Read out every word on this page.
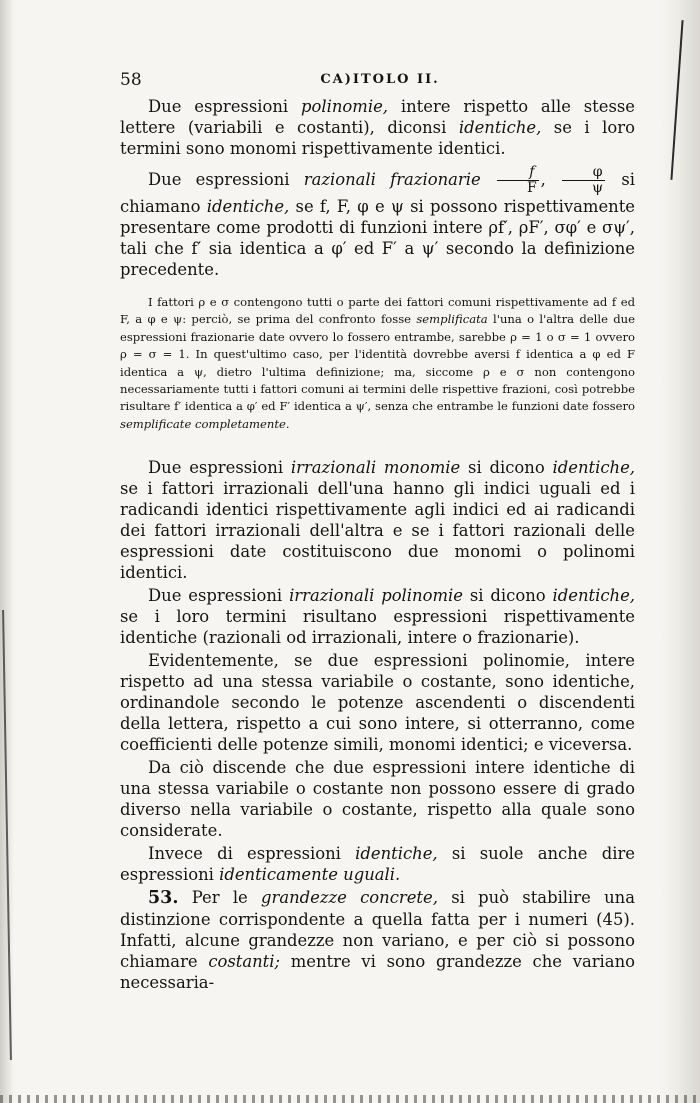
58	CA)ITOLO II.

Due espressioni polinomie, intere rispetto alle stesse lettere (variabili e costanti), diconsi identiche, se i loro termini sono monomi rispettivamente identici.

Due espressioni razionali frazionarie $\frac{f}{F}$ , $\frac{\varphi}{\psi}$ si chiamano identiche, se f, F, φ e ψ si possono rispettivamente presentare come prodotti di funzioni intere ρf′, ρF′, σφ′ e σψ′, tali che f′ sia identica a φ′ ed F′ a ψ′ secondo la definizione precedente.

I fattori ρ e σ contengono tutti o parte dei fattori comuni rispettivamente ad f ed F, a φ e ψ: perciò, se prima del confronto fosse semplificata l'una o l'altra delle due espressioni frazionarie date ovvero lo fossero entrambe, sarebbe ρ = 1 o σ = 1 ovvero ρ = σ = 1. In quest'ultimo caso, per l'identità dovrebbe aversi f identica a φ ed F identica a ψ, dietro l'ultima definizione; ma, siccome ρ e σ non contengono necessariamente tutti i fattori comuni ai termini delle rispettive frazioni, così potrebbe risultare f′ identica a φ′ ed F′ identica a ψ′, senza che entrambe le funzioni date fossero semplificate completamente.

Due espressioni irrazionali monomie si dicono identiche, se i fattori irrazionali dell'una hanno gli indici uguali ed i radicandi identici rispettivamente agli indici ed ai radicandi dei fattori irrazionali dell'altra e se i fattori razionali delle espressioni date costituiscono due monomi o polinomi identici.

Due espressioni irrazionali polinomie si dicono identiche, se i loro termini risultano espressioni rispettivamente identiche (razionali od irrazionali, intere o frazionarie).

Evidentemente, se due espressioni polinomie, intere rispetto ad una stessa variabile o costante, sono identiche, ordinandole secondo le potenze ascendenti o discendenti della lettera, rispetto a cui sono intere, si otterranno, come coefficienti delle potenze simili, monomi identici; e viceversa.

Da ciò discende che due espressioni intere identiche di una stessa variabile o costante non possono essere di grado diverso nella variabile o costante, rispetto alla quale sono considerate.

Invece di espressioni identiche, si suole anche dire espressioni identicamente uguali.

53. Per le grandezze concrete, si può stabilire una distinzione corrispondente a quella fatta per i numeri (45). Infatti, alcune grandezze non variano, e per ciò si possono chiamare costanti; mentre vi sono grandezze che variano necessaria-
